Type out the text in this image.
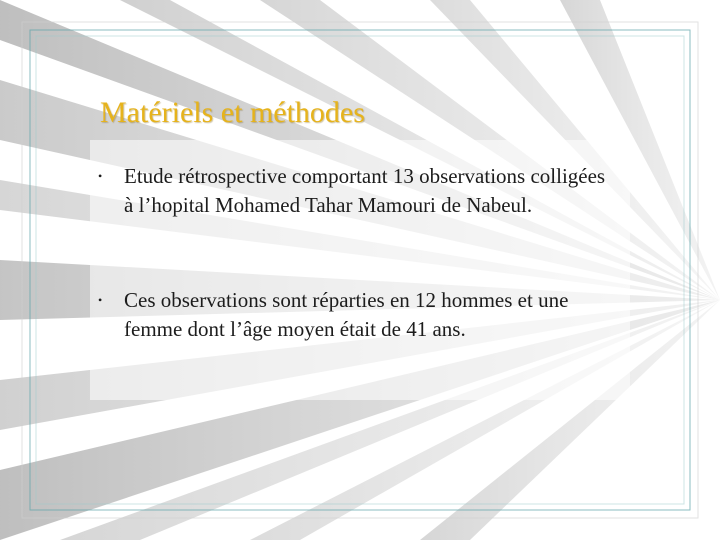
Matériels et méthodes
• Etude rétrospective comportant 13 observations colligées à l’hopital Mohamed Tahar Mamouri de Nabeul.
• Ces observations sont réparties en 12 hommes et une femme dont l’âge moyen était de 41 ans.
